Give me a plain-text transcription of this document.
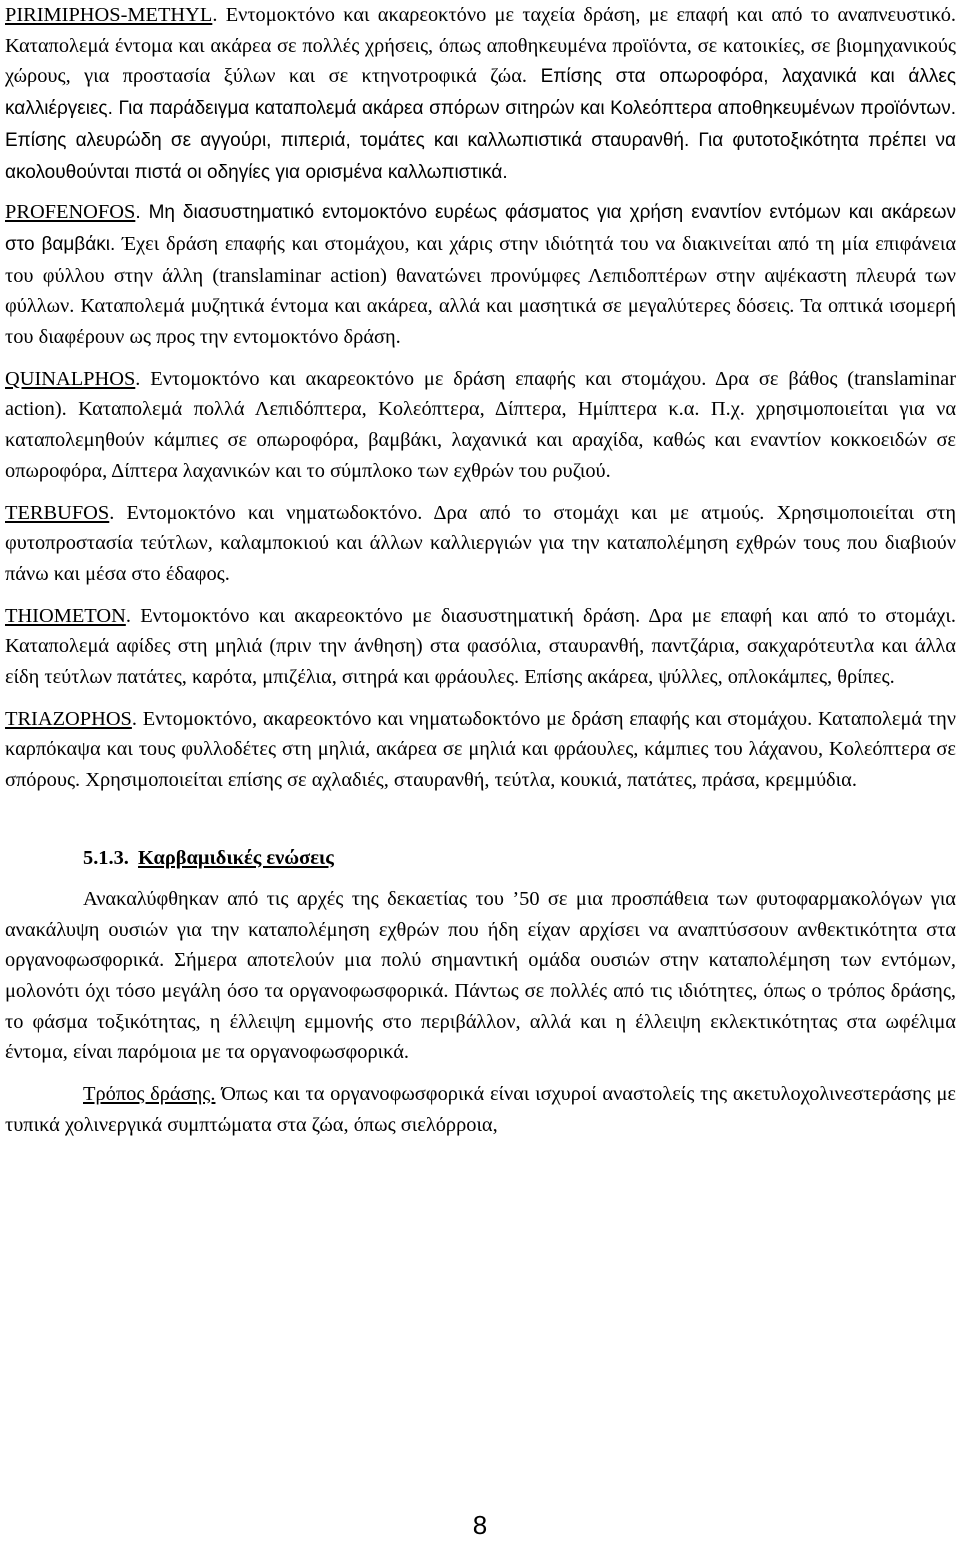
PIRIMIPHOS-METHYL. Εντομοκτόνο και ακαρεοκτόνο με ταχεία δράση, με επαφή και από το αναπνευστικό. Καταπολεμά έντομα και ακάρεα σε πολλές χρήσεις, όπως αποθηκευμένα προϊόντα, σε κατοικίες, σε βιομηχανικούς χώρους, για προστασία ξύλων και σε κτηνοτροφικά ζώα. Επίσης στα οπωροφόρα, λαχανικά και άλλες καλλιέργειες. Για παράδειγμα καταπολεμά ακάρεα σπόρων σιτηρών και Κολεόπτερα αποθηκευμένων προϊόντων. Επίσης αλευρώδη σε αγγούρι, πιπεριά, τομάτες και καλλωπιστικά σταυρανθή. Για φυτοτοξικότητα πρέπει να ακολουθούνται πιστά οι οδηγίες για ορισμένα καλλωπιστικά.

PROFENOFOS. Μη διασυστηματικό εντομοκτόνο ευρέως φάσματος για χρήση εναντίον εντόμων και ακάρεων στο βαμβάκι. Έχει δράση επαφής και στομάχου, και χάρις στην ιδιότητά του να διακινείται από τη μία επιφάνεια του φύλλου στην άλλη (translaminar action) θανατώνει προνύμφες Λεπιδοπτέρων στην αψέκαστη πλευρά των φύλλων. Καταπολεμά μυζητικά έντομα και ακάρεα, αλλά και μασητικά σε μεγαλύτερες δόσεις. Τα οπτικά ισομερή του διαφέρουν ως προς την εντομοκτόνο δράση.

QUINALPHOS. Εντομοκτόνο και ακαρεοκτόνο με δράση επαφής και στομάχου. Δρα σε βάθος (translaminar action). Καταπολεμά πολλά Λεπιδόπτερα, Κολεόπτερα, Δίπτερα, Ημίπτερα κ.α. Π.χ. χρησιμοποιείται για να καταπολεμηθούν κάμπιες σε οπωροφόρα, βαμβάκι, λαχανικά και αραχίδα, καθώς και εναντίον κοκκοειδών σε οπωροφόρα, Δίπτερα λαχανικών και το σύμπλοκο των εχθρών του ρυζιού.

TERBUFOS. Εντομοκτόνο και νηματωδοκτόνο. Δρα από το στομάχι και με ατμούς. Χρησιμοποιείται στη φυτοπροστασία τεύτλων, καλαμποκιού και άλλων καλλιεργιών για την καταπολέμηση εχθρών τους που διαβιούν πάνω και μέσα στο έδαφος.

THIOMETON. Εντομοκτόνο και ακαρεοκτόνο με διασυστηματική δράση. Δρα με επαφή και από το στομάχι. Καταπολεμά αφίδες στη μηλιά (πριν την άνθηση) στα φασόλια, σταυρανθή, παντζάρια, σακχαρότευτλα και άλλα είδη τεύτλων πατάτες, καρότα, μπιζέλια, σιτηρά και φράουλες. Επίσης ακάρεα, ψύλλες, οπλοκάμπες, θρίπες.

TRIAZOPHOS. Εντομοκτόνο, ακαρεοκτόνο και νηματωδοκτόνο με δράση επαφής και στομάχου. Καταπολεμά την καρπόκαψα και τους φυλλοδέτες στη μηλιά, ακάρεα σε μηλιά και φράουλες, κάμπιες του λάχανου, Κολεόπτερα σε σπόρους. Χρησιμοποιείται επίσης σε αχλαδιές, σταυρανθή, τεύτλα, κουκιά, πατάτες, πράσα, κρεμμύδια.

5.1.3. Καρβαμιδικές ενώσεις

Ανακαλύφθηκαν από τις αρχές της δεκαετίας του ’50 σε μια προσπάθεια των φυτοφαρμακολόγων για ανακάλυψη ουσιών για την καταπολέμηση εχθρών που ήδη είχαν αρχίσει να αναπτύσσουν ανθεκτικότητα στα οργανοφωσφορικά. Σήμερα αποτελούν μια πολύ σημαντική ομάδα ουσιών στην καταπολέμηση των εντόμων, μολονότι όχι τόσο μεγάλη όσο τα οργανοφωσφορικά. Πάντως σε πολλές από τις ιδιότητες, όπως ο τρόπος δράσης, το φάσμα τοξικότητας, η έλλειψη εμμονής στο περιβάλλον, αλλά και η έλλειψη εκλεκτικότητας στα ωφέλιμα έντομα, είναι παρόμοια με τα οργανοφωσφορικά.

Τρόπος δράσης. Όπως και τα οργανοφωσφορικά είναι ισχυροί αναστολείς της ακετυλοχολινεστεράσης με τυπικά χολινεργικά συμπτώματα στα ζώα, όπως σιελόρροια,

8
